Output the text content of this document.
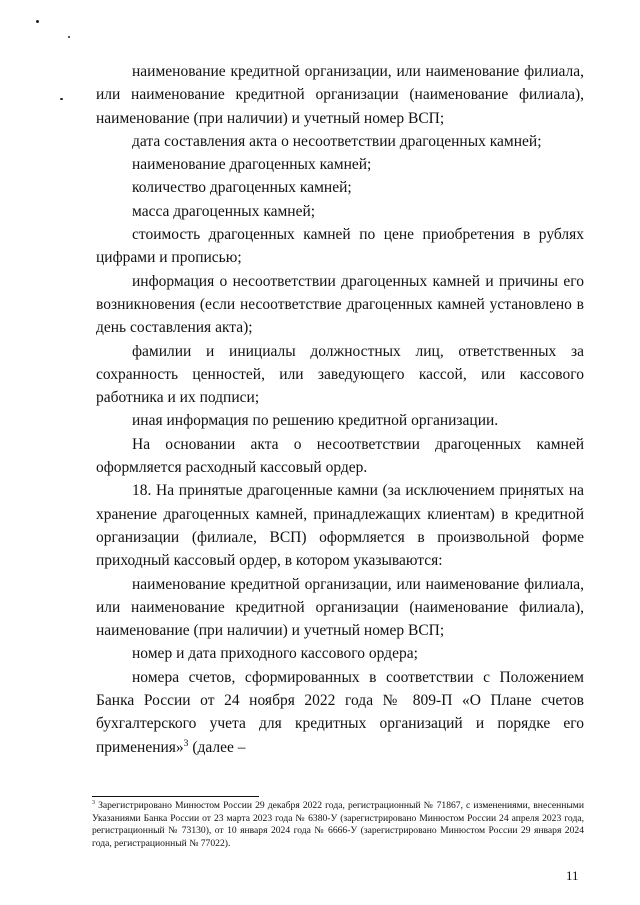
наименование кредитной организации, или наименование филиала, или наименование кредитной организации (наименование филиала), наименование (при наличии) и учетный номер ВСП;

дата составления акта о несоответствии драгоценных камней;

наименование драгоценных камней;

количество драгоценных камней;

масса драгоценных камней;

стоимость драгоценных камней по цене приобретения в рублях цифрами и прописью;

информация о несоответствии драгоценных камней и причины его возникновения (если несоответствие драгоценных камней установлено в день составления акта);

фамилии и инициалы должностных лиц, ответственных за сохранность ценностей, или заведующего кассой, или кассового работника и их подписи;

иная информация по решению кредитной организации.

На основании акта о несоответствии драгоценных камней оформляется расходный кассовый ордер.

18. На принятые драгоценные камни (за исключением принятых на хранение драгоценных камней, принадлежащих клиентам) в кредитной организации (филиале, ВСП) оформляется в произвольной форме приходный кассовый ордер, в котором указываются:

наименование кредитной организации, или наименование филиала, или наименование кредитной организации (наименование филиала), наименование (при наличии) и учетный номер ВСП;

номер и дата приходного кассового ордера;

номера счетов, сформированных в соответствии с Положением Банка России от 24 ноября 2022 года № 809-П «О Плане счетов бухгалтерского учета для кредитных организаций и порядке его применения»$^3$ (далее –

$^3$ Зарегистрировано Минюстом России 29 декабря 2022 года, регистрационный № 71867, с изменениями, внесенными Указаниями Банка России от 23 марта 2023 года № 6380-У (зарегистрировано Минюстом России 24 апреля 2023 года, регистрационный № 73130), от 10 января 2024 года № 6666-У (зарегистрировано Минюстом России 29 января 2024 года, регистрационный № 77022).
11
